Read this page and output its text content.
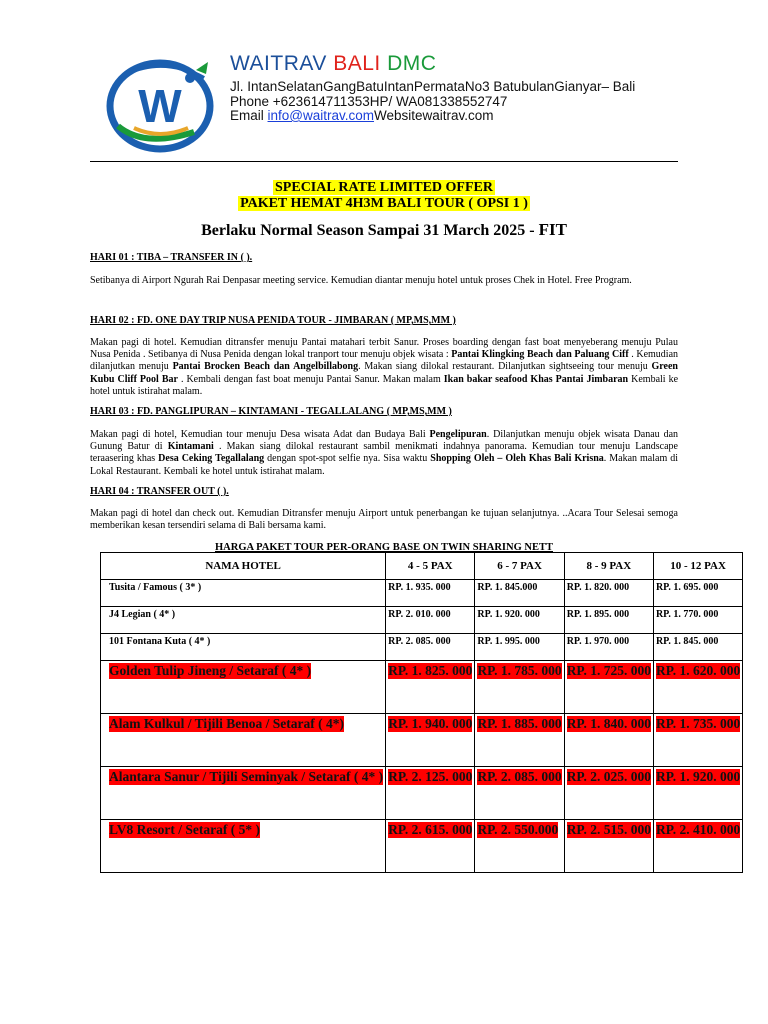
W
WAITRAV BALI DMC
Jl. IntanSelatanGangBatuIntanPermataNo3 BatubulanGianyar– Bali
Phone +623614711353HP/ WA081338552747
Email info@waitrav.comWebsitewaitrav.com
SPECIAL RATE LIMITED OFFER
PAKET HEMAT 4H3M BALI TOUR ( OPSI 1 )
Berlaku Normal Season Sampai 31 March 2025 - FIT
HARI 01 : TIBA – TRANSFER IN ( ).
Setibanya di Airport Ngurah Rai Denpasar meeting service. Kemudian diantar menuju hotel untuk proses Chek in Hotel. Free Program.
HARI 02 : FD. ONE DAY TRIP NUSA PENIDA TOUR - JIMBARAN ( MP,MS,MM )
Makan pagi di hotel. Kemudian ditransfer menuju Pantai matahari terbit Sanur. Proses boarding dengan fast boat menyeberang menuju Pulau Nusa Penida . Setibanya di Nusa Penida dengan lokal tranport tour menuju objek wisata : Pantai Klingking Beach dan Paluang Ciff . Kemudian dilanjutkan menuju Pantai Brocken Beach dan Angelbillabong. Makan siang dilokal restaurant. Dilanjutkan sightseeing tour menuju Green Kubu Cliff Pool Bar . Kembali dengan fast boat menuju Pantai Sanur. Makan malam Ikan bakar seafood Khas Pantai Jimbaran Kembali ke hotel untuk istirahat malam.
HARI 03 : FD. PANGLIPURAN – KINTAMANI - TEGALLALANG ( MP,MS,MM )
Makan pagi di hotel, Kemudian tour menuju Desa wisata Adat dan Budaya Bali Pengelipuran. Dilanjutkan menuju objek wisata Danau dan Gunung Batur di Kintamani . Makan siang dilokal restaurant sambil menikmati indahnya panorama. Kemudian tour menuju Landscape teraasering khas Desa Ceking Tegallalang dengan spot-spot selfie nya. Sisa waktu Shopping Oleh – Oleh Khas Bali Krisna. Makan malam di Lokal Restaurant. Kembali ke hotel untuk istirahat malam.
HARI 04 : TRANSFER OUT ( ).
Makan pagi di hotel dan check out. Kemudian Ditransfer menuju Airport untuk penerbangan ke tujuan selanjutnya. ..Acara Tour Selesai semoga memberikan kesan tersendiri selama di Bali bersama kami.
HARGA PAKET TOUR PER-ORANG BASE ON TWIN SHARING NETT
NAMA HOTEL	4 - 5 PAX	6 - 7 PAX	8 - 9 PAX	10 - 12 PAX
Tusita / Famous ( 3* )	RP. 1. 935. 000	RP. 1. 845.000	RP. 1. 820. 000	RP. 1. 695. 000
J4 Legian ( 4* )	RP. 2. 010. 000	RP. 1. 920. 000	RP. 1. 895. 000	RP. 1. 770. 000
101 Fontana Kuta ( 4* )	RP. 2. 085. 000	RP. 1. 995. 000	RP. 1. 970. 000	RP. 1. 845. 000
Golden Tulip Jineng / Setaraf ( 4* )	RP. 1. 825. 000	RP. 1. 785. 000	RP. 1. 725. 000	RP. 1. 620. 000
Alam Kulkul / Tijili Benoa / Setaraf ( 4*)	RP. 1. 940. 000	RP. 1. 885. 000	RP. 1. 840. 000	RP. 1. 735. 000
Alantara Sanur / Tijili Seminyak / Setaraf ( 4* )	RP. 2. 125. 000	RP. 2. 085. 000	RP. 2. 025. 000	RP. 1. 920. 000
LV8 Resort / Setaraf ( 5* )	RP. 2. 615. 000	RP. 2. 550.000	RP. 2. 515. 000	RP. 2. 410. 000
